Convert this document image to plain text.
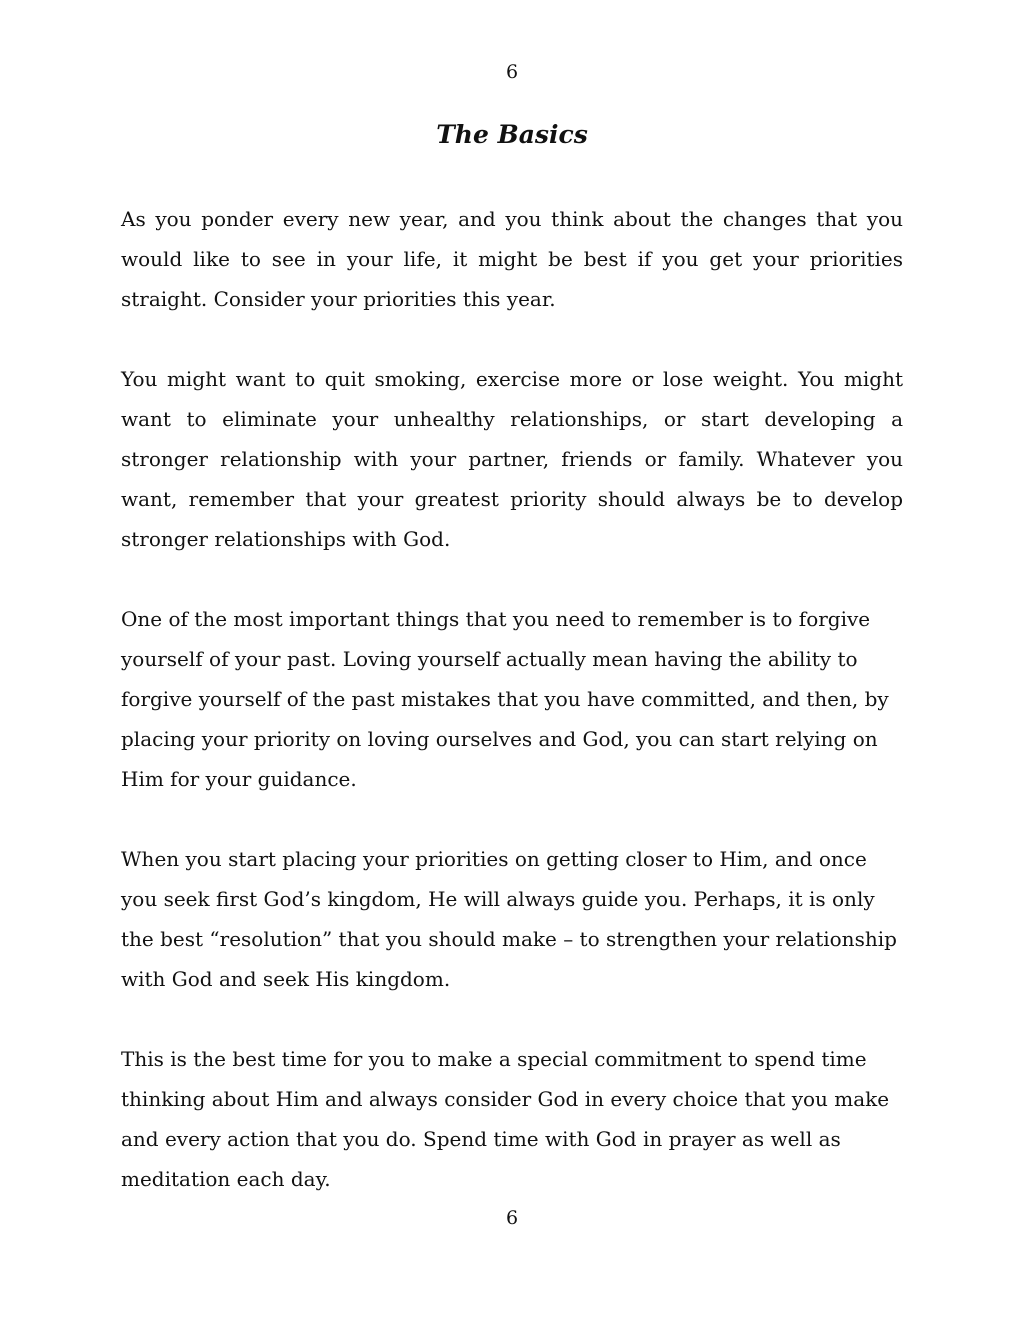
6
The Basics

As you ponder every new year, and you think about the changes that you would like to see in your life, it might be best if you get your priorities straight. Consider your priorities this year.

You might want to quit smoking, exercise more or lose weight. You might want to eliminate your unhealthy relationships, or start developing a stronger relationship with your partner, friends or family. Whatever you want, remember that your greatest priority should always be to develop stronger relationships with God.

One of the most important things that you need to remember is to forgive yourself of your past. Loving yourself actually mean having the ability to forgive yourself of the past mistakes that you have committed, and then, by placing your priority on loving ourselves and God, you can start relying on Him for your guidance.

When you start placing your priorities on getting closer to Him, and once you seek first God’s kingdom, He will always guide you. Perhaps, it is only the best “resolution” that you should make – to strengthen your relationship with God and seek His kingdom.

This is the best time for you to make a special commitment to spend time thinking about Him and always consider God in every choice that you make and every action that you do. Spend time with God in prayer as well as meditation each day.

6
